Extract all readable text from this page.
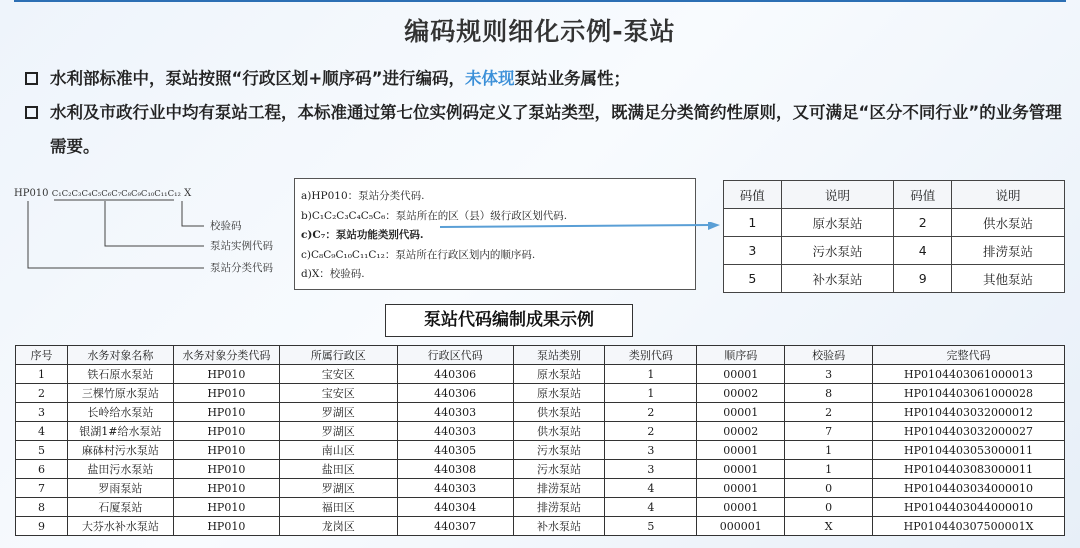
编码规则细化示例-泵站
水利部标准中，泵站按照“行政区划+顺序码”进行编码，未体现泵站业务属性；
水利及市政行业中均有泵站工程，本标准通过第七位实例码定义了泵站类型，既满足分类简约性原则，又可满足“区分不同行业”的业务管理需要。
HP010 C₁C₂C₃C₄C₅C₆C₇C₈C₉C₁₀C₁₁C₁₂ X
校验码
泵站实例代码
泵站分类代码
a)HP010：泵站分类代码.
b)C₁C₂C₃C₄C₅C₆：泵站所在的区（县）级行政区划代码.
c)C₇：泵站功能类别代码.
c)C₈C₉C₁₀C₁₁C₁₂：泵站所在行政区划内的顺序码.
d)X：校验码.
码值	说明	码值	说明
1	原水泵站	2	供水泵站
3	污水泵站	4	排涝泵站
5	补水泵站	9	其他泵站
泵站代码编制成果示例
序号	水务对象名称	水务对象分类代码	所属行政区	行政区代码	泵站类别	类别代码	顺序码	校验码	完整代码
1	铁石原水泵站	HP010	宝安区	440306	原水泵站	1	00001	3	HP0104403061000013
2	三棵竹原水泵站	HP010	宝安区	440306	原水泵站	1	00002	8	HP0104403061000028
3	长岭给水泵站	HP010	罗湖区	440303	供水泵站	2	00001	2	HP0104403032000012
4	银湖1#给水泵站	HP010	罗湖区	440303	供水泵站	2	00002	7	HP0104403032000027
5	麻砵村污水泵站	HP010	南山区	440305	污水泵站	3	00001	1	HP0104403053000011
6	盐田污水泵站	HP010	盐田区	440308	污水泵站	3	00001	1	HP0104403083000011
7	罗雨泵站	HP010	罗湖区	440303	排涝泵站	4	00001	0	HP0104403034000010
8	石厦泵站	HP010	福田区	440304	排涝泵站	4	00001	0	HP0104403044000010
9	大芬水补水泵站	HP010	龙岗区	440307	补水泵站	5	000001	X	HP010440307500001X
